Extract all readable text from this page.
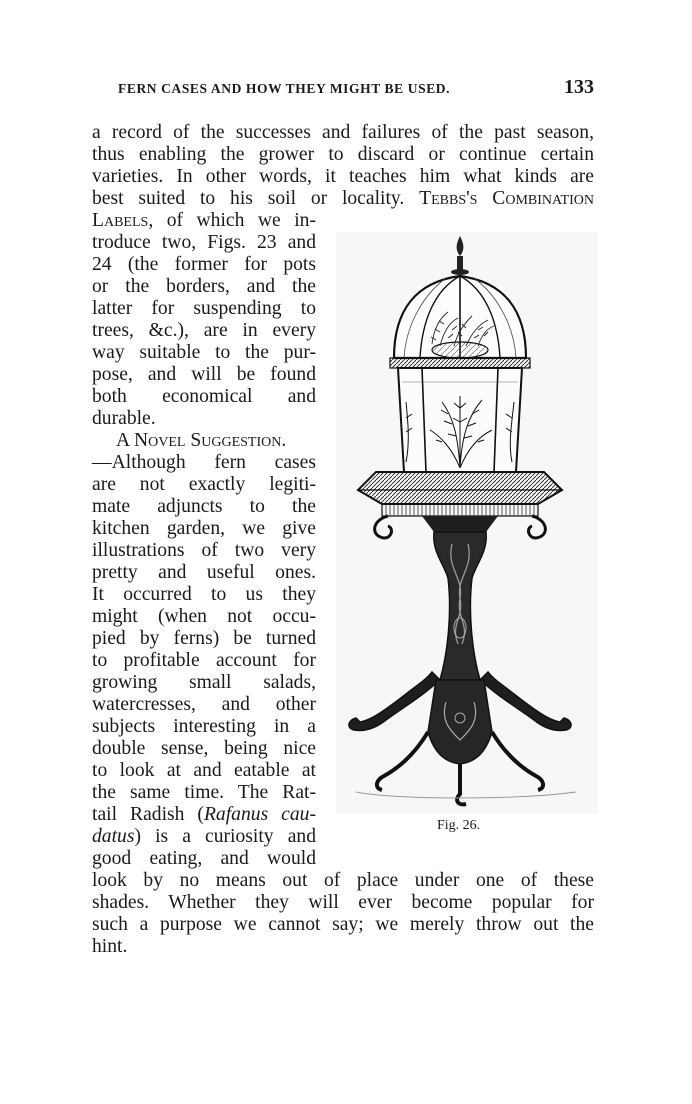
FERN CASES AND HOW THEY MIGHT BE USED.	133
a record of the successes and failures of the past season,
thus enabling the grower to discard or continue certain
varieties. In other words, it teaches him what kinds are
best suited to his soil or locality. Tebbs's Combination
Labels, of which we in-
troduce two, Figs. 23 and
24 (the former for pots
or the borders, and the
latter for suspending to
trees, &c.), are in every
way suitable to the pur-
pose, and will be found
both economical and
durable.
A Novel Suggestion.
—Although fern cases
are not exactly legiti-
mate adjuncts to the
kitchen garden, we give
illustrations of two very
pretty and useful ones.
It occurred to us they
might (when not occu-
pied by ferns) be turned
to profitable account for
growing small salads,
watercresses, and other
subjects interesting in a
double sense, being nice
to look at and eatable at
the same time. The Rat-
tail Radish (Rafanus cau-
datus) is a curiosity and
good eating, and would
look by no means out of place under one of these
shades. Whether they will ever become popular for
such a purpose we cannot say; we merely throw out the
hint.
Fig. 26.
